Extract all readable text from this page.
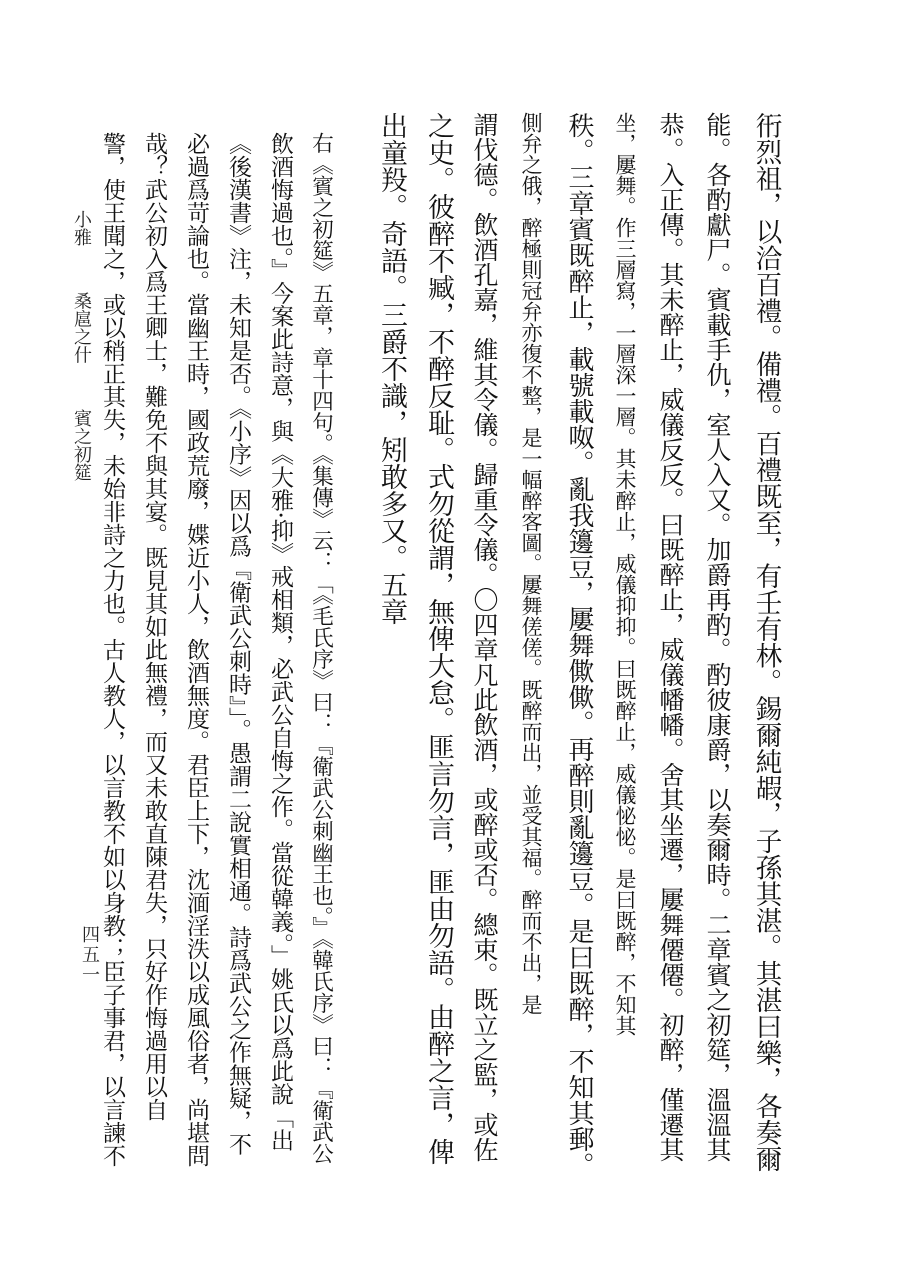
小雅  桑扈之什  賓之初筵
四五一	衎烈祖，以洽百禮。備禮。百禮既至，有壬有林。錫爾純嘏，子孫其湛。其湛曰樂，各奏爾
能。各酌獻尸。賓載手仇，室人入又。加爵再酌。酌彼康爵，以奏爾時。二章賓之初筵，溫溫其
恭。入正傳。其未醉止，威儀反反。曰既醉止，威儀幡幡。舍其坐遷，屢舞僊僊。初醉，僅遷其
坐，屢舞。作三層寫，一層深一層。其未醉止，威儀抑抑。曰既醉止，威儀怭怭。是曰既醉，不知其
秩。三章賓既醉止，載號載呶。亂我籩豆，屢舞僛僛。再醉則亂籩豆。是曰既醉，不知其郵。
側弁之俄，醉極則冠弁亦復不整，是一幅醉客圖。屢舞傞傞。既醉而出，並受其福。醉而不出，是
謂伐德。飲酒孔嘉，維其令儀。歸重令儀。〇四章凡此飲酒，或醉或否。總束。既立之監，或佐
之史。彼醉不臧，不醉反耻。式勿從謂，無俾大怠。匪言勿言，匪由勿語。由醉之言，俾
出童羖。奇語。三爵不識，矧敢多又。五章
右《賓之初筵》五章，章十四句。《集傳》云：「《毛氏序》曰：『衛武公刺幽王也。』《韓氏序》曰：『衛武公
飲酒悔過也。』今案此詩意，與《大雅·抑》戒相類，必武公自悔之作。當從韓義。」姚氏以爲此說「出
《後漢書》注，未知是否。《小序》因以爲『衛武公刺時』」。愚謂二說實相通。詩爲武公之作無疑，不
必過爲苛論也。當幽王時，國政荒廢，媟近小人，飲酒無度。君臣上下，沈湎淫泆以成風俗者，尚堪問
哉？武公初入爲王卿士，難免不與其宴。既見其如此無禮，而又未敢直陳君失，只好作悔過用以自
警，使王聞之，或以稍正其失，未始非詩之力也。古人教人，以言教不如以身教；臣子事君，以言諫不
